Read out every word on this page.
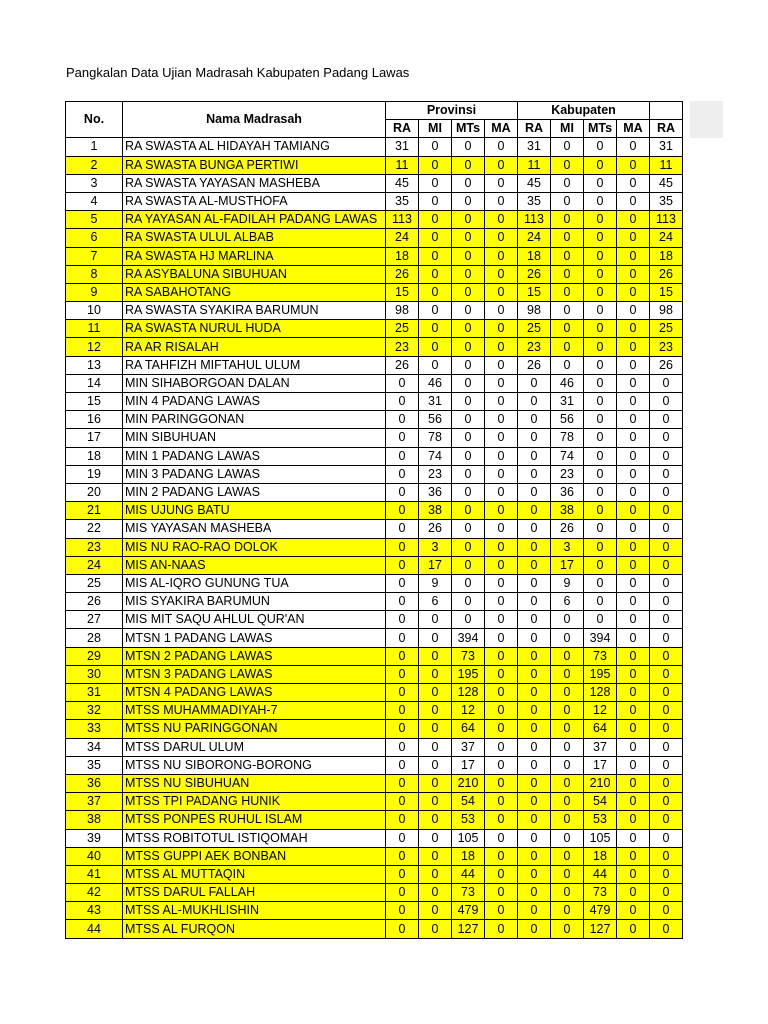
Pangkalan Data Ujian Madrasah Kabupaten Padang Lawas
No.	Nama Madrasah	Provinsi				Kabupaten				
		RA	MI	MTs	MA	RA	MI	MTs	MA	RA
1	RA SWASTA AL HIDAYAH TAMIANG	31	0	0	0	31	0	0	0	31
2	RA SWASTA BUNGA PERTIWI	11	0	0	0	11	0	0	0	11
3	RA SWASTA YAYASAN MASHEBA	45	0	0	0	45	0	0	0	45
4	RA SWASTA AL-MUSTHOFA	35	0	0	0	35	0	0	0	35
5	RA YAYASAN AL-FADILAH PADANG LAWAS	113	0	0	0	113	0	0	0	113
6	RA SWASTA ULUL ALBAB	24	0	0	0	24	0	0	0	24
7	RA SWASTA HJ MARLINA	18	0	0	0	18	0	0	0	18
8	RA ASYBALUNA SIBUHUAN	26	0	0	0	26	0	0	0	26
9	RA SABAHOTANG	15	0	0	0	15	0	0	0	15
10	RA SWASTA SYAKIRA BARUMUN	98	0	0	0	98	0	0	0	98
11	RA SWASTA NURUL HUDA	25	0	0	0	25	0	0	0	25
12	RA AR RISALAH	23	0	0	0	23	0	0	0	23
13	RA TAHFIZH MIFTAHUL ULUM	26	0	0	0	26	0	0	0	26
14	MIN SIHABORGOAN DALAN	0	46	0	0	0	46	0	0	0
15	MIN 4 PADANG LAWAS	0	31	0	0	0	31	0	0	0
16	MIN PARINGGONAN	0	56	0	0	0	56	0	0	0
17	MIN SIBUHUAN	0	78	0	0	0	78	0	0	0
18	MIN 1 PADANG LAWAS	0	74	0	0	0	74	0	0	0
19	MIN 3 PADANG LAWAS	0	23	0	0	0	23	0	0	0
20	MIN 2 PADANG LAWAS	0	36	0	0	0	36	0	0	0
21	MIS UJUNG BATU	0	38	0	0	0	38	0	0	0
22	MIS YAYASAN MASHEBA	0	26	0	0	0	26	0	0	0
23	MIS NU RAO-RAO DOLOK	0	3	0	0	0	3	0	0	0
24	MIS AN-NAAS	0	17	0	0	0	17	0	0	0
25	MIS AL-IQRO GUNUNG TUA	0	9	0	0	0	9	0	0	0
26	MIS SYAKIRA BARUMUN	0	6	0	0	0	6	0	0	0
27	MIS MIT SAQU AHLUL QUR'AN	0	0	0	0	0	0	0	0	0
28	MTSN 1 PADANG LAWAS	0	0	394	0	0	0	394	0	0
29	MTSN 2 PADANG LAWAS	0	0	73	0	0	0	73	0	0
30	MTSN 3 PADANG LAWAS	0	0	195	0	0	0	195	0	0
31	MTSN 4 PADANG LAWAS	0	0	128	0	0	0	128	0	0
32	MTSS MUHAMMADIYAH-7	0	0	12	0	0	0	12	0	0
33	MTSS NU PARINGGONAN	0	0	64	0	0	0	64	0	0
34	MTSS DARUL ULUM	0	0	37	0	0	0	37	0	0
35	MTSS NU SIBORONG-BORONG	0	0	17	0	0	0	17	0	0
36	MTSS NU SIBUHUAN	0	0	210	0	0	0	210	0	0
37	MTSS TPI PADANG HUNIK	0	0	54	0	0	0	54	0	0
38	MTSS PONPES RUHUL ISLAM	0	0	53	0	0	0	53	0	0
39	MTSS ROBITOTUL ISTIQOMAH	0	0	105	0	0	0	105	0	0
40	MTSS GUPPI AEK BONBAN	0	0	18	0	0	0	18	0	0
41	MTSS AL MUTTAQIN	0	0	44	0	0	0	44	0	0
42	MTSS DARUL FALLAH	0	0	73	0	0	0	73	0	0
43	MTSS AL-MUKHLISHIN	0	0	479	0	0	0	479	0	0
44	MTSS AL FURQON	0	0	127	0	0	0	127	0	0
